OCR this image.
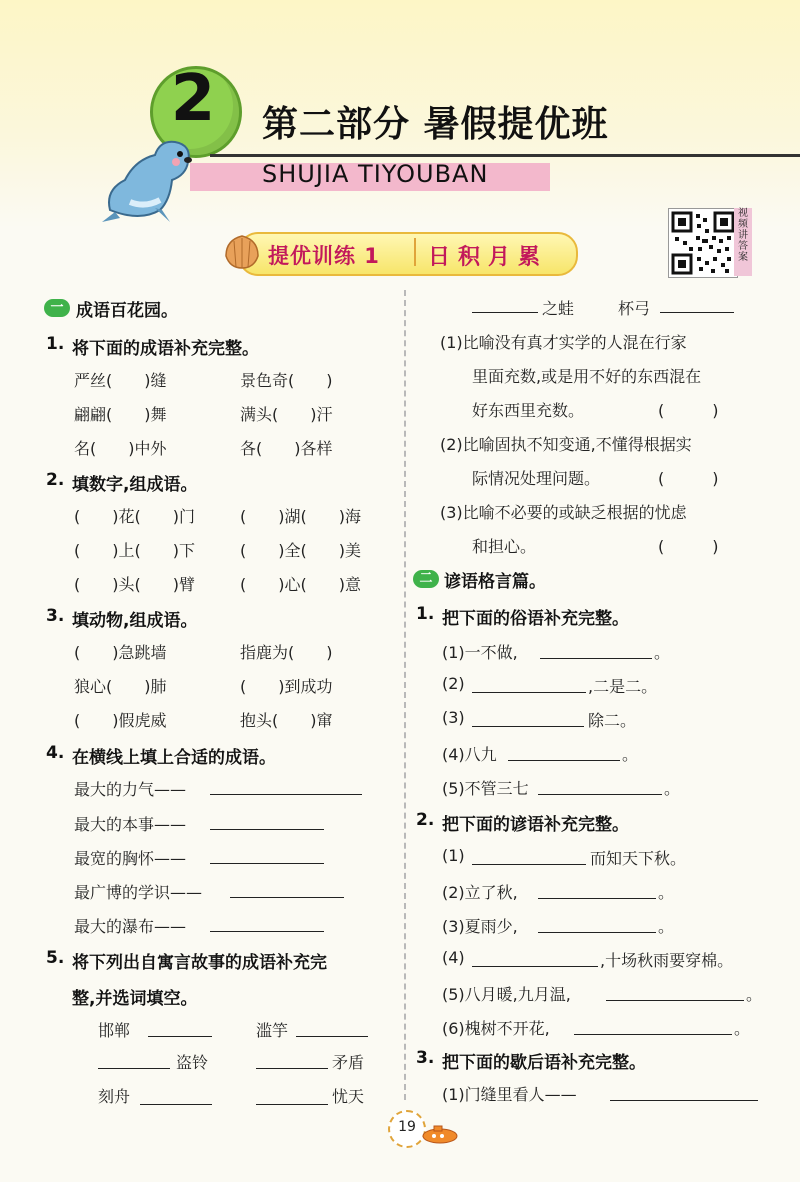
2	第二部分 暑假提优班
SHUJIA TIYOUBAN
视频讲答案
提优训练 1 日积月累
一 成语百花园。
1. 将下面的成语补充完整。
严丝(　　)缝	景色奇(　　)
翩翩(　　)舞	满头(　　)汗
名(　　)中外	各(　　)各样
2. 填数字,组成语。
(　　)花(　　)门	(　　)湖(　　)海
(　　)上(　　)下	(　　)全(　　)美
(　　)头(　　)臂	(　　)心(　　)意
3. 填动物,组成语。
(　　)急跳墙	指鹿为(　　)
狼心(　　)肺	(　　)到成功
(　　)假虎威	抱头(　　)窜
4. 在横线上填上合适的成语。
最大的力气——
最大的本事——
最宽的胸怀——
最广博的学识——
最大的瀑布——
5. 将下列出自寓言故事的成语补充完
整,并选词填空。
邯郸	滥竽
盗铃	矛盾
刻舟	忧天
之蛙	杯弓
(1)比喻没有真才实学的人混在行家
里面充数,或是用不好的东西混在
好东西里充数。	(　　　)
(2)比喻固执不知变通,不懂得根据实
际情况处理问题。	(　　　)
(3)比喻不必要的或缺乏根据的忧虑
和担心。	(　　　)
二 谚语格言篇。
1. 把下面的俗语补充完整。
(1)一不做,	。
(2)	,二是二。
(3)	除二。
(4)八九	。
(5)不管三七	。
2. 把下面的谚语补充完整。
(1)	而知天下秋。
(2)立了秋,	。
(3)夏雨少,	。
(4)	,十场秋雨要穿棉。
(5)八月暖,九月温,	。
(6)槐树不开花,	。
3. 把下面的歇后语补充完整。
(1)门缝里看人——
19
